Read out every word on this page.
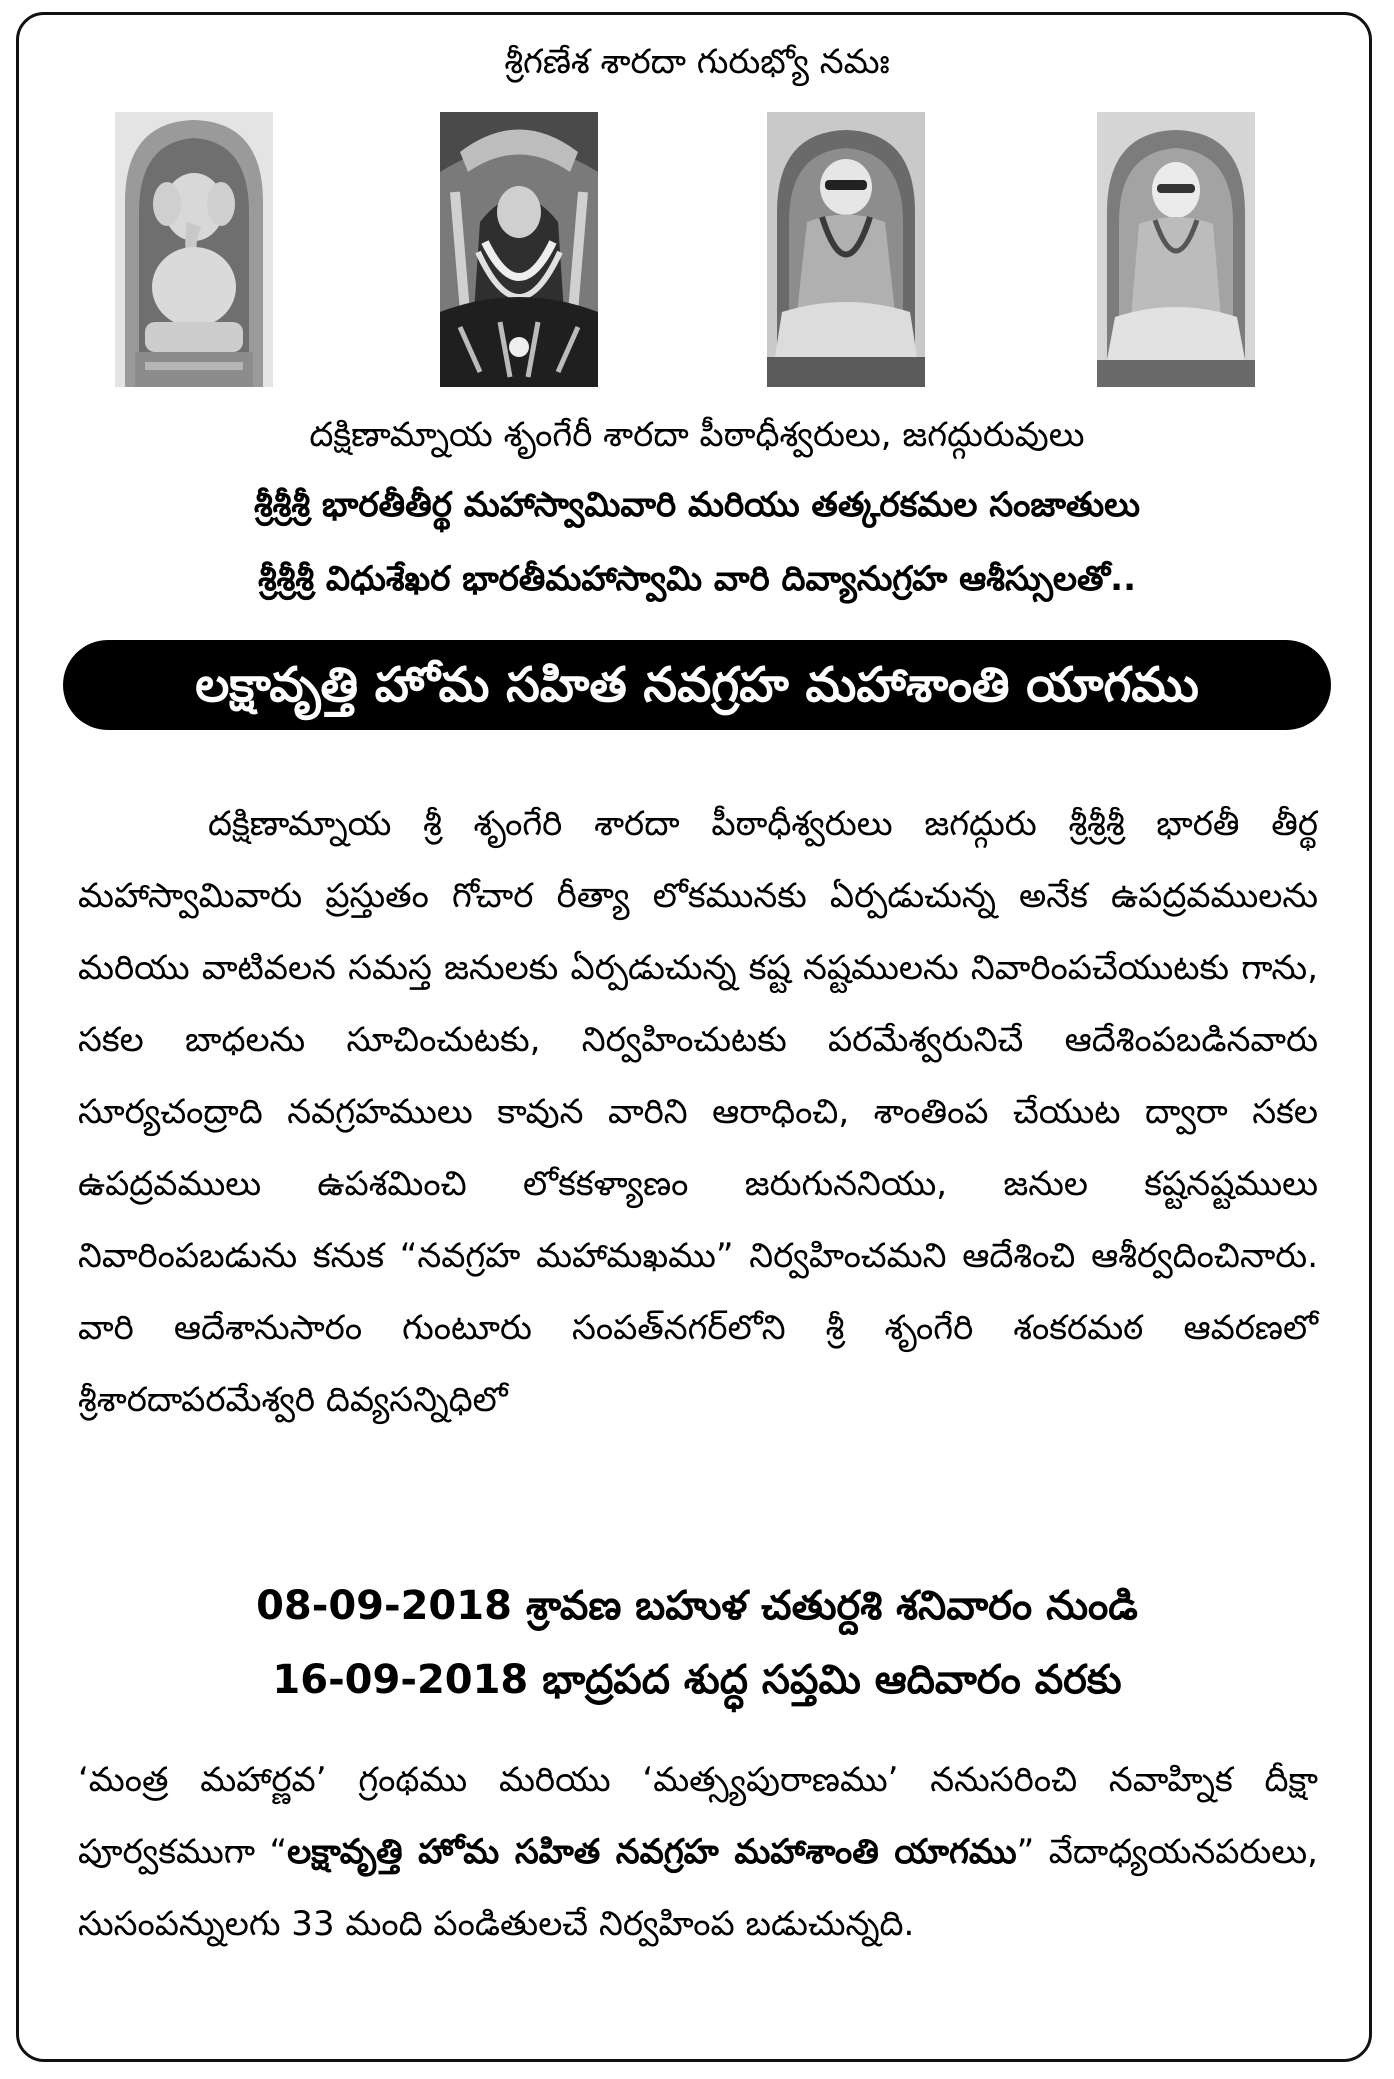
శ్రీగణేశ శారదా గురుభ్యో నమః
దక్షిణామ్నాయ శృంగేరీ శారదా పీఠాధీశ్వరులు, జగద్గురువులు
శ్రీశ్రీశ్రీ భారతీతీర్థ మహాస్వామివారి మరియు తత్కరకమల సంజాతులు
శ్రీశ్రీశ్రీ విధుశేఖర భారతీమహాస్వామి వారి దివ్యానుగ్రహ ఆశీస్సులతో..
లక్షావృత్తి హోమ సహిత నవగ్రహ మహాశాంతి యాగము
దక్షిణామ్నాయ శ్రీ శృంగేరి శారదా పీఠాధీశ్వరులు జగద్గురు శ్రీశ్రీశ్రీ భారతీ తీర్థ మహాస్వామివారు ప్రస్తుతం గోచార రీత్యా లోకమునకు ఏర్పడుచున్న అనేక ఉపద్రవములను మరియు వాటివలన సమస్త జనులకు ఏర్పడుచున్న కష్ట నష్టములను నివారింపచేయుటకు గాను, సకల బాధలను సూచించుటకు, నిర్వహించుటకు పరమేశ్వరునిచే ఆదేశింపబడినవారు సూర్యచంద్రాది నవగ్రహములు కావున వారిని ఆరాధించి, శాంతింప చేయుట ద్వారా సకల ఉపద్రవములు ఉపశమించి లోకకళ్యాణం జరుగుననియు, జనుల కష్టనష్టములు నివారింపబడును కనుక “నవగ్రహ మహామఖము” నిర్వహించమని ఆదేశించి ఆశీర్వదించినారు. వారి ఆదేశానుసారం గుంటూరు సంపత్‌నగర్‌లోని శ్రీ శృంగేరి శంకరమఠ ఆవరణలో శ్రీశారదాపరమేశ్వరి దివ్యసన్నిధిలో
08-09-2018 శ్రావణ బహుళ చతుర్దశి శనివారం నుండి
16-09-2018 భాద్రపద శుద్ధ సప్తమి ఆదివారం వరకు
‘మంత్ర మహార్ణవ’ గ్రంథము మరియు ‘మత్స్యపురాణము’ ననుసరించి నవాహ్నిక దీక్షా పూర్వకముగా “లక్షావృత్తి హోమ సహిత నవగ్రహ మహాశాంతి యాగము” వేదాధ్యయనపరులు, సుసంపన్నులగు 33 మంది పండితులచే నిర్వహింప బడుచున్నది.
